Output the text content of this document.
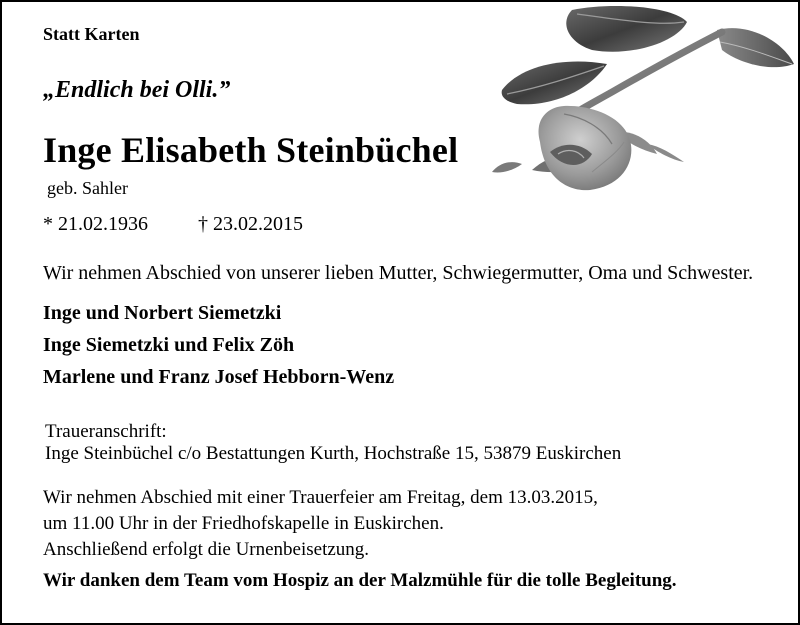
Statt Karten
„Endlich bei Olli.”
Inge Elisabeth Steinbüchel
geb. Sahler
* 21.02.1936	† 23.02.2015
Wir nehmen Abschied von unserer lieben Mutter, Schwiegermutter, Oma und Schwester.
Inge und Norbert Siemetzki
Inge Siemetzki und Felix Zöh
Marlene und Franz Josef Hebborn-Wenz
Traueranschrift:
Inge Steinbüchel c/o Bestattungen Kurth, Hochstraße 15, 53879 Euskirchen
Wir nehmen Abschied mit einer Trauerfeier am Freitag, dem 13.03.2015,
um 11.00 Uhr in der Friedhofskapelle in Euskirchen.
Anschließend erfolgt die Urnenbeisetzung.
Wir danken dem Team vom Hospiz an der Malzmühle für die tolle Begleitung.
